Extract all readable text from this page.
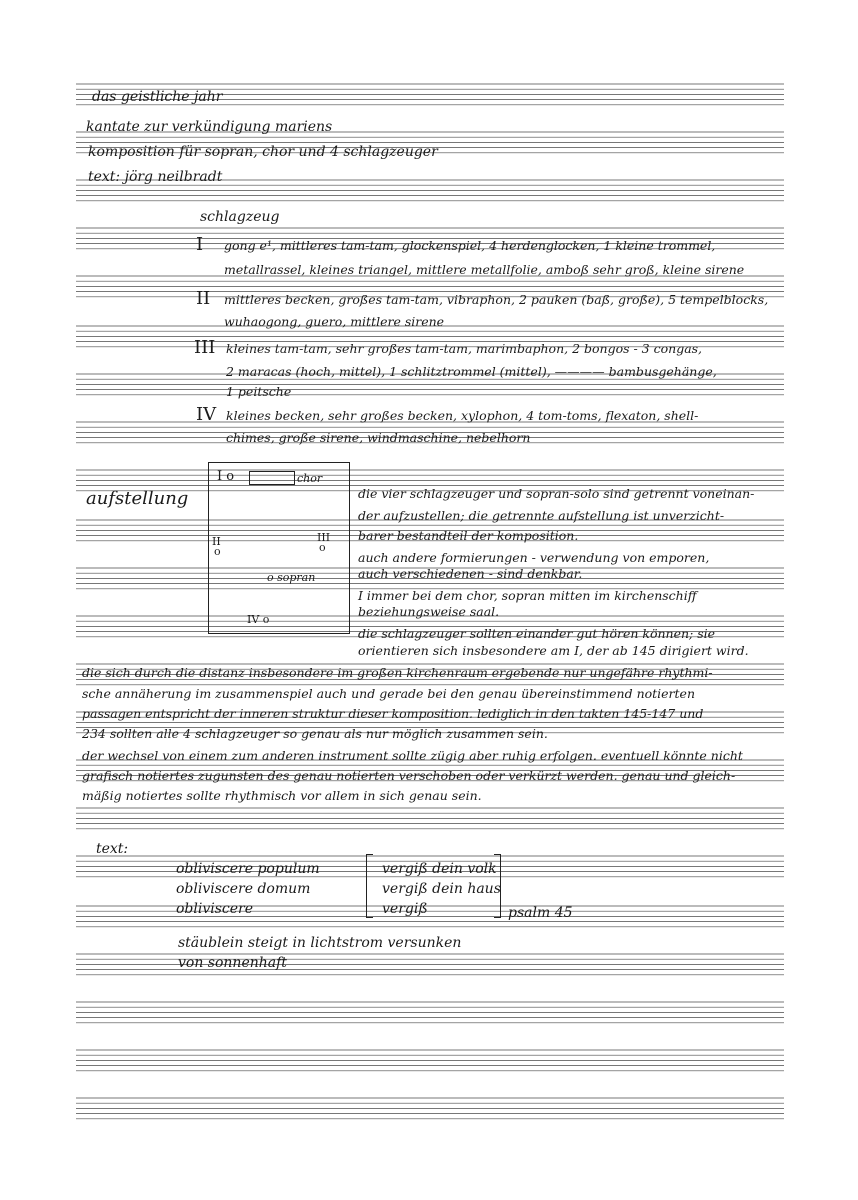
das geistliche jahr
kantate zur verkündigung mariens
komposition für sopran, chor und 4 schlagzeuger
text: jörg neilbradt
schlagzeug
I gong e¹, mittleres tam-tam, glockenspiel, 4 herdenglocken, 1 kleine trommel,
metallrassel, kleines triangel, mittlere metallfolie, amboß sehr groß, kleine sirene
II mittleres becken, großes tam-tam, vibraphon, 2 pauken (baß, große), 5 tempelblocks,
wuhaogong, guero, mittlere sirene
III kleines tam-tam, sehr großes tam-tam, marimbaphon, 2 bongos - 3 congas,
2 maracas (hoch, mittel), 1 schlitztrommel (mittel), ———— bambusgehänge,
1 peitsche
IV kleines becken, sehr großes becken, xylophon, 4 tom-toms, flexaton, shell-
chimes, große sirene, windmaschine, nebelhorn
aufstellung
I o	chor
II
o
III
o
o sopran
IV o
die vier schlagzeuger und sopran-solo sind getrennt voneinan-
der aufzustellen; die getrennte aufstellung ist unverzicht-
barer bestandteil der komposition.
auch andere formierungen - verwendung von emporen,
auch verschiedenen - sind denkbar.
I immer bei dem chor, sopran mitten im kirchenschiff
beziehungsweise saal.
die schlagzeuger sollten einander gut hören können; sie
orientieren sich insbesondere am I, der ab 145 dirigiert wird.
die sich durch die distanz insbesondere im großen kirchenraum ergebende nur ungefähre rhythmi-
sche annäherung im zusammenspiel auch und gerade bei den genau übereinstimmend notierten
passagen entspricht der inneren struktur dieser komposition. lediglich in den takten 145-147 und
234 sollten alle 4 schlagzeuger so genau als nur möglich zusammen sein.
der wechsel von einem zum anderen instrument sollte zügig aber ruhig erfolgen. eventuell könnte nicht
grafisch notiertes zugunsten des genau notierten verschoben oder verkürzt werden. genau und gleich-
mäßig notiertes sollte rhythmisch vor allem in sich genau sein.
text:
obliviscere populum
obliviscere domum
obliviscere
vergiß dein volk
vergiß dein haus
vergiß	psalm 45
stäublein steigt in lichtstrom versunken
von sonnenhaft
